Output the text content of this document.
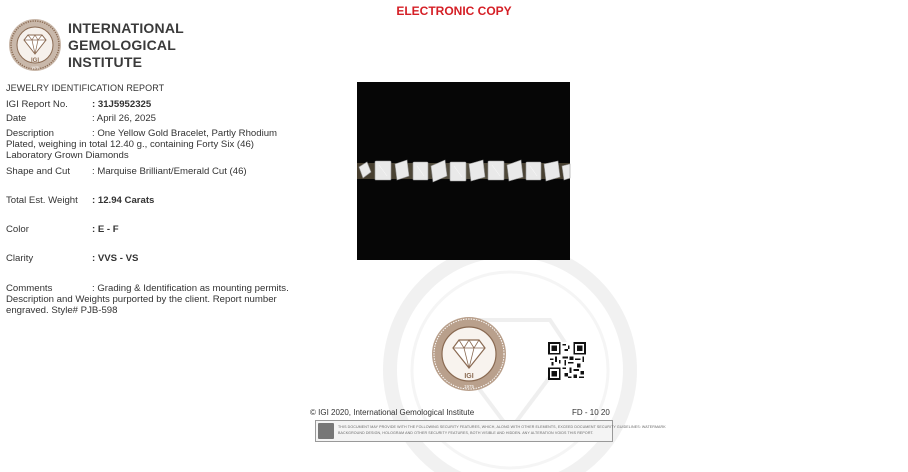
ELECTRONIC COPY
IGI
1975
INTERNATIONAL
GEMOLOGICAL
INSTITUTE
JEWELRY IDENTIFICATION REPORT
IGI Report No.	: 31J5952325
Date	: April 26, 2025
Description	: One Yellow Gold Bracelet, Partly Rhodium Plated, weighing in total 12.40 g., containing Forty Six (46) Laboratory Grown Diamonds
Shape and Cut : Marquise Brilliant/Emerald Cut (46)
Total Est. Weight : 12.94 Carats
Color	: E - F
Clarity	: VVS - VS
Comments	: Grading & Identification as mounting permits. Description and Weights purported by the client. Report number engraved. Style# PJB-598
IGI
1975
© IGI 2020, International Gemological Institute	FD - 10 20
THIS DOCUMENT MAY PROVIDE WITH THE FOLLOWING SECURITY FEATURES, WHICH, ALONG WITH OTHER ELEMENTS, EXCEED DOCUMENT SECURITY GUIDELINES: WATERMARK
BACKGROUND DESIGN, HOLOGRAM AND OTHER SECURITY FEATURES, BOTH VISIBLE AND HIDDEN. ANY ALTERATION VOIDS THIS REPORT.
